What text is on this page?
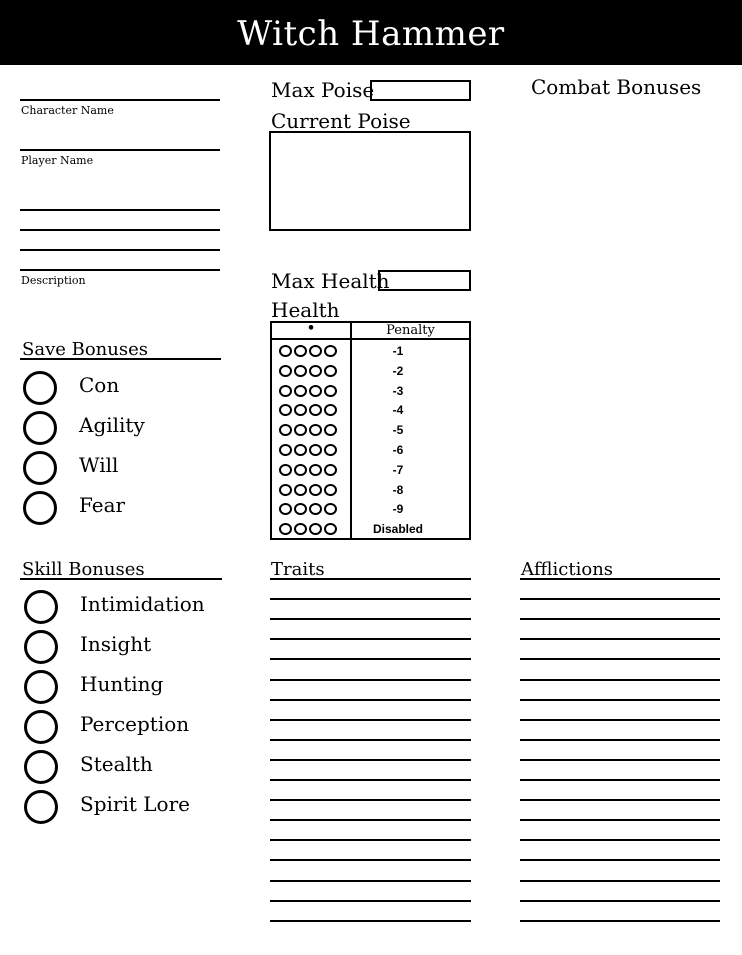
Witch Hammer
Character Name
Player Name
Description
Save Bonuses
Con
Agility
Will
Fear
Skill Bonuses
Intimidation
Insight
Hunting
Perception
Stealth
Spirit Lore
Max Poise
Current Poise
Combat Bonuses
Max Health
Health
•	Penalty
-1
-2
-3
-4
-5
-6
-7
-8
-9
Disabled
Traits	Afflictions
